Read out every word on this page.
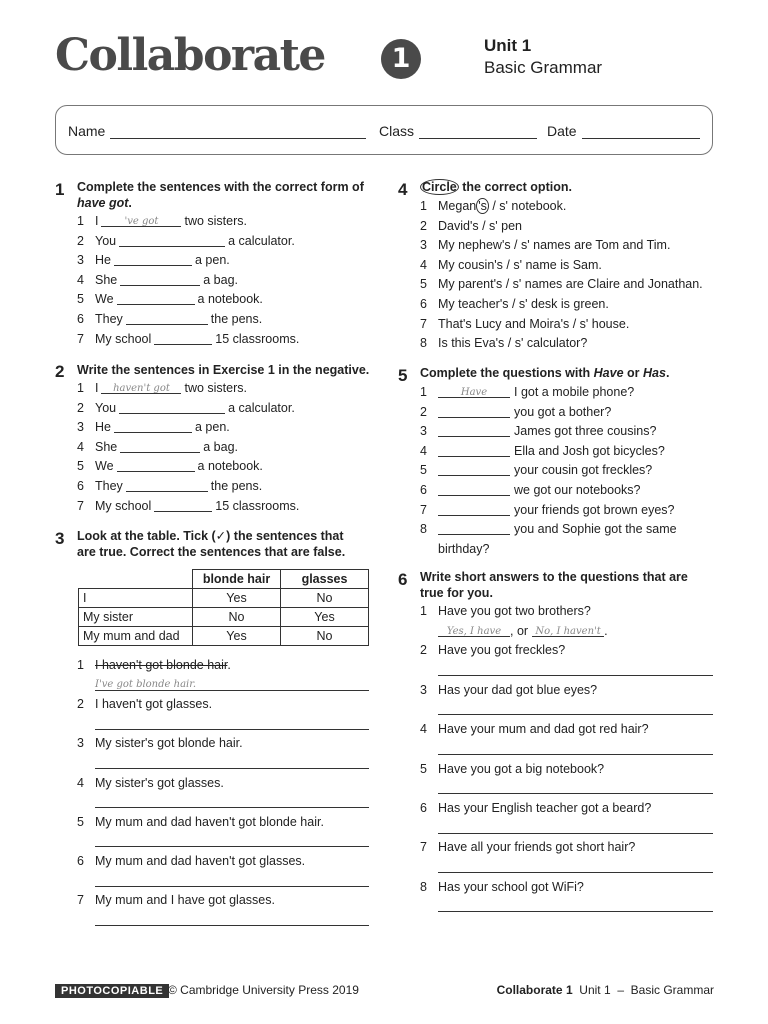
Collaborate	1	Unit 1
Basic Grammar
Name	Class	Date
1 Complete the sentences with the correct form of
have got.
1 I	've got two sisters.
2 You	a calculator.
3 He	a pen.
4 She	a bag.
5 We	a notebook.
6 They	the pens.
7 My school	15 classrooms.
2 Write the sentences in Exercise 1 in the negative.
1 I haven't got two sisters.
2 You	a calculator.
3 He	a pen.
4 She	a bag.
5 We	a notebook.
6 They	the pens.
7 My school	15 classrooms.
3 Look at the table. Tick (✓) the sentences that
are true. Correct the sentences that are false.
	blonde hair	glasses
I	Yes	No
My sister	No	Yes
My mum and dad	Yes	No
1 I haven't got blonde hair.
I've got blonde hair.
2 I haven't got glasses.
3 My sister's got blonde hair.
4 My sister's got glasses.
5 My mum and dad haven't got blonde hair.
6 My mum and dad haven't got glasses.
7 My mum and I have got glasses.
4 Circle the correct option.
1 Megan 's / s' notebook.
2 David's / s' pen
3 My nephew's / s' names are Tom and Tim.
4 My cousin's / s' name is Sam.
5 My parent's / s' names are Claire and Jonathan.
6 My teacher's / s' desk is green.
7 That's Lucy and Moira's / s' house.
8 Is this Eva's / s' calculator?
5 Complete the questions with Have or Has.
1	Have I got a mobile phone?
2	you got a bother?
3	James got three cousins?
4	Ella and Josh got bicycles?
5	your cousin got freckles?
6	we got our notebooks?
7	your friends got brown eyes?
8	you and Sophie got the same
birthday?
6 Write short answers to the questions that are
true for you.
1 Have you got two brothers?
Yes, I have , or No, I haven't .
2 Have you got freckles?
3 Has your dad got blue eyes?
4 Have your mum and dad got red hair?
5 Have you got a big notebook?
6 Has your English teacher got a beard?
7 Have all your friends got short hair?
8 Has your school got WiFi?
PHOTOCOPIABLE © Cambridge University Press 2019	Collaborate 1 Unit 1  –  Basic Grammar
